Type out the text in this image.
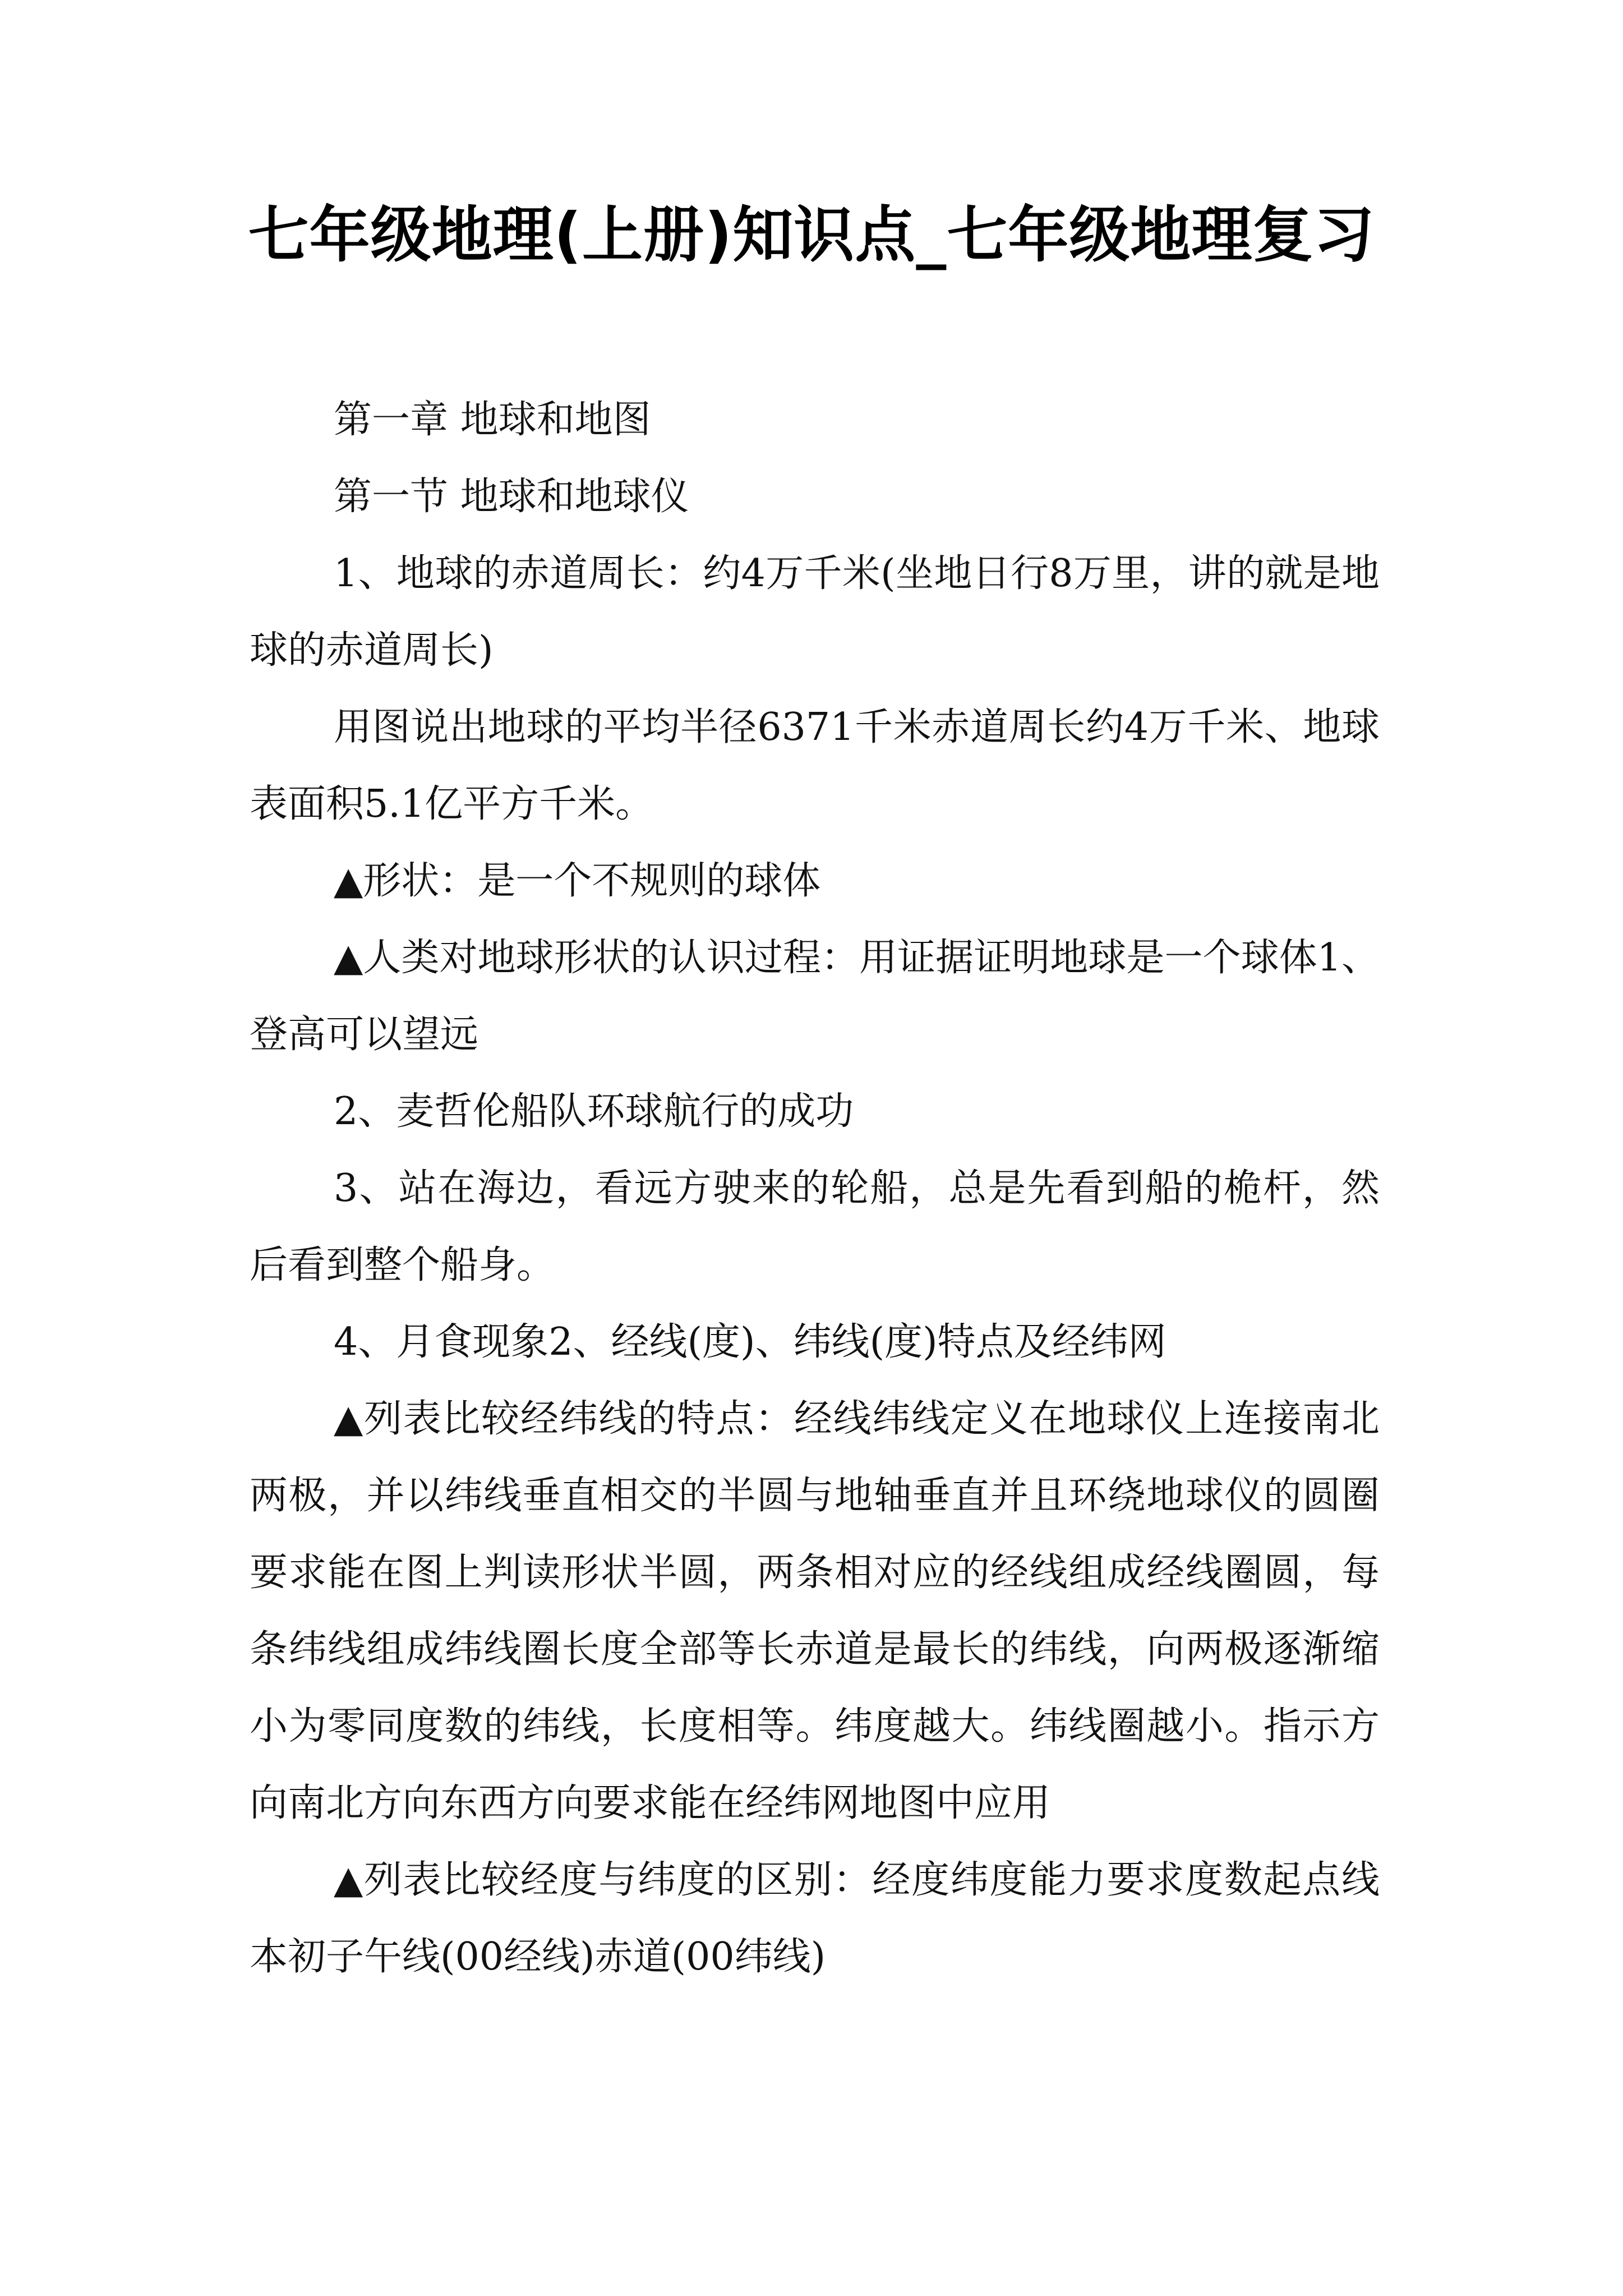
七年级地理(上册)知识点_七年级地理复习

第一章 地球和地图

第一节 地球和地球仪

1、地球的赤道周长：约4万千米(坐地日行8万里，讲的就是地球的赤道周长)

用图说出地球的平均半径6371千米赤道周长约4万千米、地球表面积5.1亿平方千米。

▲形状：是一个不规则的球体

▲人类对地球形状的认识过程：用证据证明地球是一个球体1、登高可以望远

2、麦哲伦船队环球航行的成功

3、站在海边，看远方驶来的轮船，总是先看到船的桅杆，然后看到整个船身。

4、月食现象2、经线(度)、纬线(度)特点及经纬网

▲列表比较经纬线的特点：经线纬线定义在地球仪上连接南北两极，并以纬线垂直相交的半圆与地轴垂直并且环绕地球仪的圆圈要求能在图上判读形状半圆，两条相对应的经线组成经线圈圆，每条纬线组成纬线圈长度全部等长赤道是最长的纬线，向两极逐渐缩小为零同度数的纬线，长度相等。纬度越大。纬线圈越小。指示方向南北方向东西方向要求能在经纬网地图中应用

▲列表比较经度与纬度的区别：经度纬度能力要求度数起点线本初子午线(00经线)赤道(00纬线)
